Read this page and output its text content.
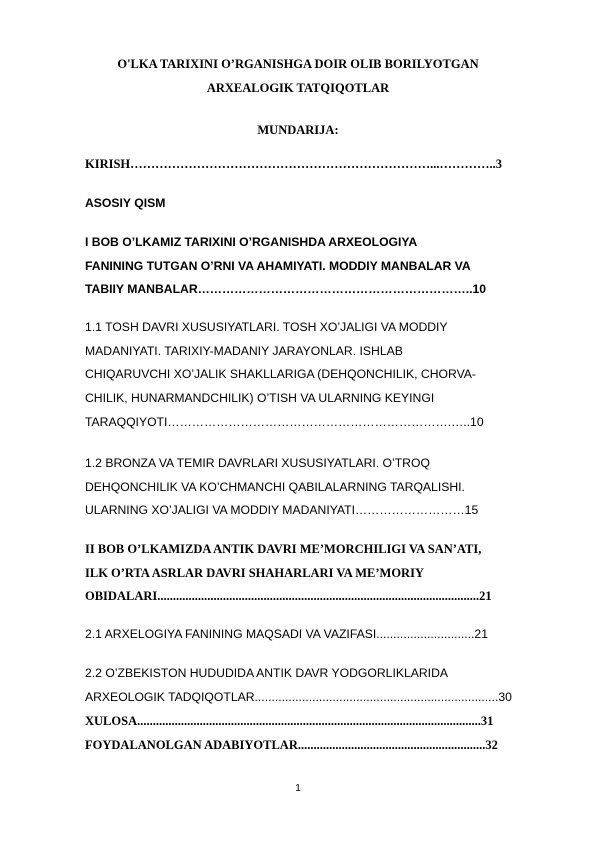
O'LKA TARIXINI O’RGANISHGA DOIR OLIB BORILYOTGAN
ARXEALOGIK TATQIQOTLAR
MUNDARIJA:
KIRISH………………………………………………………………...…………..3
ASOSIY QISM
I BOB O’LKAMIZ TARIXINI O’RGANISHDA ARXEOLOGIYA
FANINING TUTGAN O’RNI VA AHAMIYATI. MODDIY MANBALAR VA
TABIIY MANBALAR…………………………………………………………..10
1.1 TOSH DAVRI XUSUSIYATLARI. TOSH XO’JALIGI VA MODDIY
MADANIYATI. TARIXIY-MADANIY JARAYONLAR. ISHLAB
CHIQARUVCHI XO’JALIK SHAKLLARIGA (DEHQONCHILIK, CHORVA-
CHILIK, HUNARMANDCHILIK) O’TISH VA ULARNING KEYINGI
TARAQQIYOTI…………………………………………………………….…..10
1.2 BRONZA VA TEMIR DAVRLARI XUSUSIYATLARI. O’TROQ
DEHQONCHILIK VA KO’CHMANCHI QABILALARNING TARQALISHI.
ULARNING XO’JALIGI VA MODDIY MADANIYATI………………………15
II BOB O’LKAMIZDA ANTIK DAVRI ME’MORCHILIGI VA SAN’ATI,
ILK O’RTA ASRLAR DAVRI SHAHARLARI VA ME’MORIY
OBIDALARI.......................................................................................................21
2.1 ARXELOGIYA FANINING MAQSADI VA VAZIFASI.............................21
2.2 O’ZBEKISTON HUDUDIDA ANTIK DAVR YODGORLIKLARIDA
ARXEOLOGIK TADQIQOTLAR........................................................................30
XULOSA..............................................................................................................31
FOYDALANOLGAN ADABIYOTLAR............................................................32
1
